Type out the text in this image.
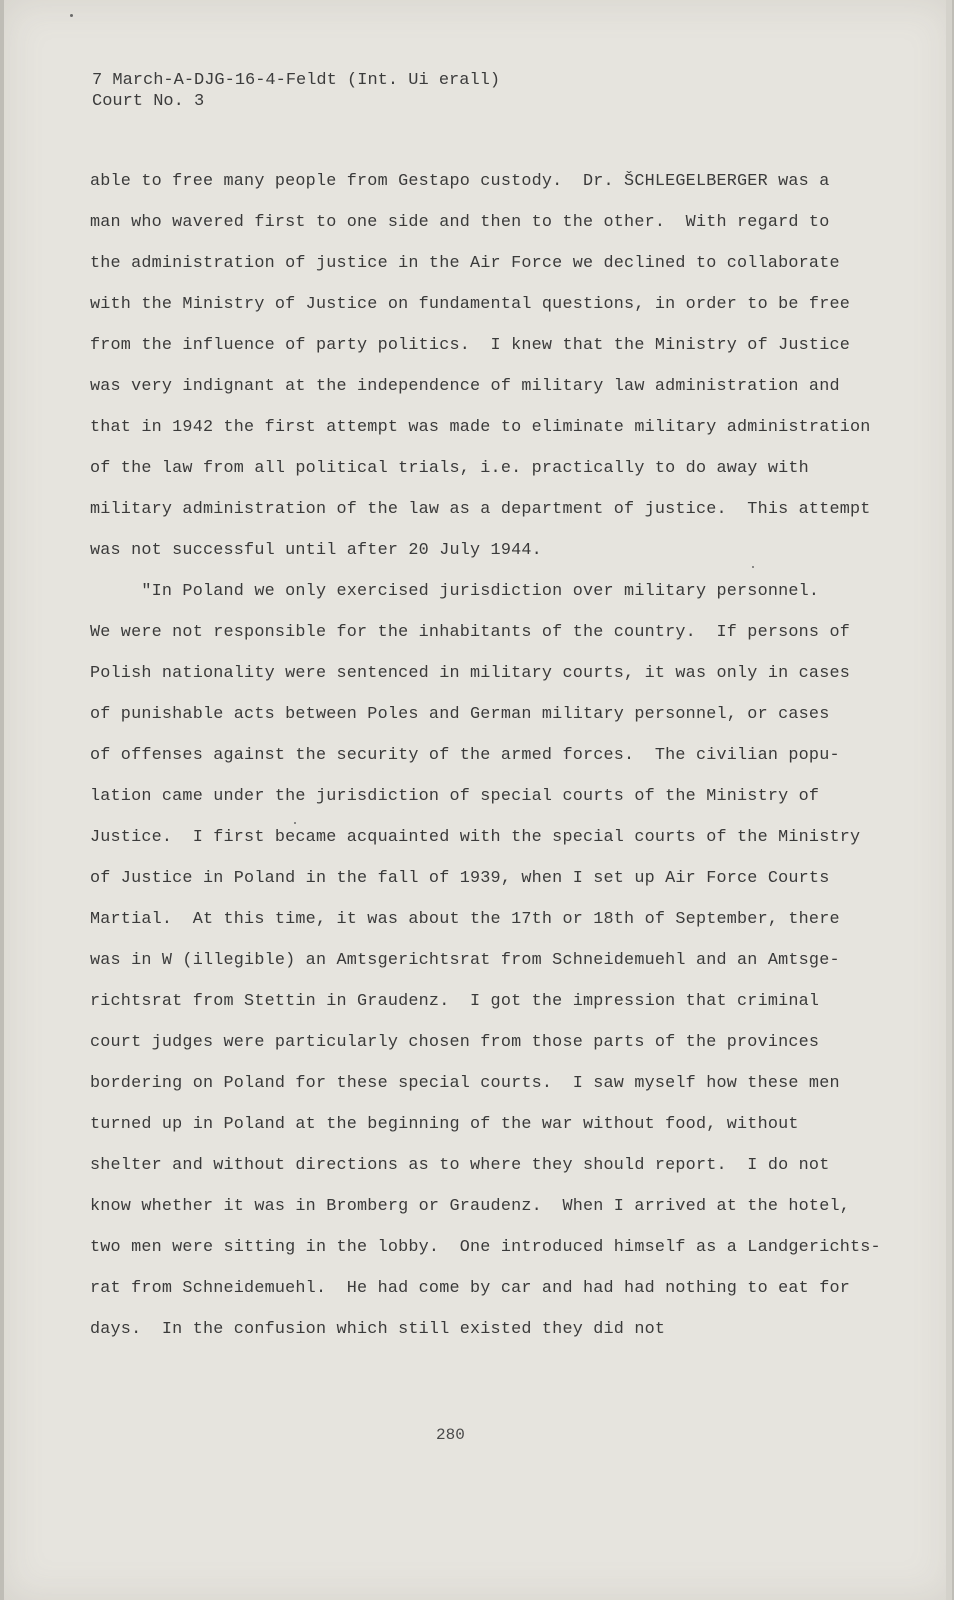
7 March-A-DJG-16-4-Feldt (Int. Ui erall)
Court No. 3
able to free many people from Gestapo custody.  Dr. ŠCHLEGELBERGER was a
man who wavered first to one side and then to the other.  With regard to
the administration of justice in the Air Force we declined to collaborate
with the Ministry of Justice on fundamental questions, in order to be free
from the influence of party politics.  I knew that the Ministry of Justice
was very indignant at the independence of military law administration and
that in 1942 the first attempt was made to eliminate military administration
of the law from all political trials, i.e. practically to do away with
military administration of the law as a department of justice.  This attempt
was not successful until after 20 July 1944.
"In Poland we only exercised jurisdiction over military personnel.
We were not responsible for the inhabitants of the country.  If persons of
Polish nationality were sentenced in military courts, it was only in cases
of punishable acts between Poles and German military personnel, or cases
of offenses against the security of the armed forces.  The civilian popu-
lation came under the jurisdiction of special courts of the Ministry of
Justice.  I first became acquainted with the special courts of the Ministry
of Justice in Poland in the fall of 1939, when I set up Air Force Courts
Martial.  At this time, it was about the 17th or 18th of September, there
was in W (illegible) an Amtsgerichtsrat from Schneidemuehl and an Amtsge-
richtsrat from Stettin in Graudenz.  I got the impression that criminal
court judges were particularly chosen from those parts of the provinces
bordering on Poland for these special courts.  I saw myself how these men
turned up in Poland at the beginning of the war without food, without
shelter and without directions as to where they should report.  I do not
know whether it was in Bromberg or Graudenz.  When I arrived at the hotel,
two men were sitting in the lobby.  One introduced himself as a Landgerichts-
rat from Schneidemuehl.  He had come by car and had had nothing to eat for
days.  In the confusion which still existed they did not
280
